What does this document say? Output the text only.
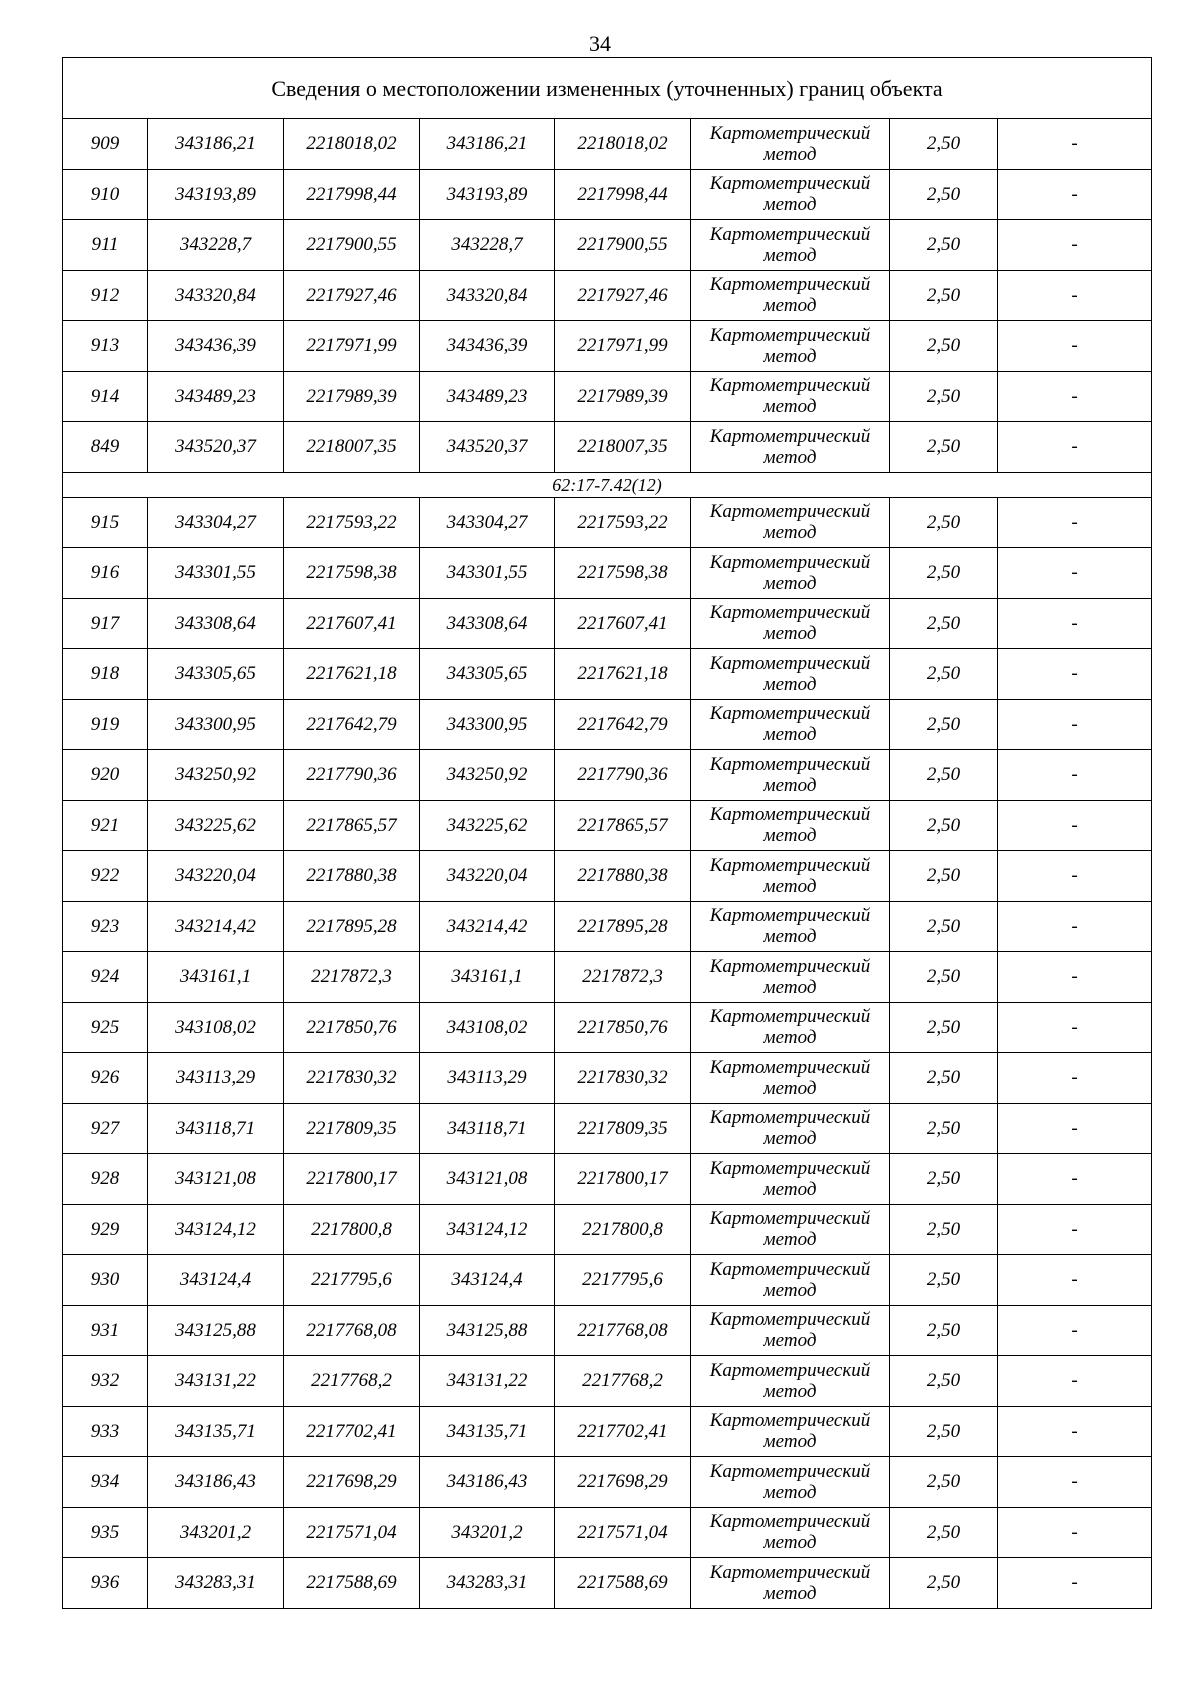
34
Сведения о местоположении измененных (уточненных) границ объекта							
909	343186,21	2218018,02	343186,21	2218018,02	Картометрический
метод	2,50	-
910	343193,89	2217998,44	343193,89	2217998,44	Картометрический
метод	2,50	-
911	343228,7	2217900,55	343228,7	2217900,55	Картометрический
метод	2,50	-
912	343320,84	2217927,46	343320,84	2217927,46	Картометрический
метод	2,50	-
913	343436,39	2217971,99	343436,39	2217971,99	Картометрический
метод	2,50	-
914	343489,23	2217989,39	343489,23	2217989,39	Картометрический
метод	2,50	-
849	343520,37	2218007,35	343520,37	2218007,35	Картометрический
метод	2,50	-
62:17-7.42(12)							
915	343304,27	2217593,22	343304,27	2217593,22	Картометрический
метод	2,50	-
916	343301,55	2217598,38	343301,55	2217598,38	Картометрический
метод	2,50	-
917	343308,64	2217607,41	343308,64	2217607,41	Картометрический
метод	2,50	-
918	343305,65	2217621,18	343305,65	2217621,18	Картометрический
метод	2,50	-
919	343300,95	2217642,79	343300,95	2217642,79	Картометрический
метод	2,50	-
920	343250,92	2217790,36	343250,92	2217790,36	Картометрический
метод	2,50	-
921	343225,62	2217865,57	343225,62	2217865,57	Картометрический
метод	2,50	-
922	343220,04	2217880,38	343220,04	2217880,38	Картометрический
метод	2,50	-
923	343214,42	2217895,28	343214,42	2217895,28	Картометрический
метод	2,50	-
924	343161,1	2217872,3	343161,1	2217872,3	Картометрический
метод	2,50	-
925	343108,02	2217850,76	343108,02	2217850,76	Картометрический
метод	2,50	-
926	343113,29	2217830,32	343113,29	2217830,32	Картометрический
метод	2,50	-
927	343118,71	2217809,35	343118,71	2217809,35	Картометрический
метод	2,50	-
928	343121,08	2217800,17	343121,08	2217800,17	Картометрический
метод	2,50	-
929	343124,12	2217800,8	343124,12	2217800,8	Картометрический
метод	2,50	-
930	343124,4	2217795,6	343124,4	2217795,6	Картометрический
метод	2,50	-
931	343125,88	2217768,08	343125,88	2217768,08	Картометрический
метод	2,50	-
932	343131,22	2217768,2	343131,22	2217768,2	Картометрический
метод	2,50	-
933	343135,71	2217702,41	343135,71	2217702,41	Картометрический
метод	2,50	-
934	343186,43	2217698,29	343186,43	2217698,29	Картометрический
метод	2,50	-
935	343201,2	2217571,04	343201,2	2217571,04	Картометрический
метод	2,50	-
936	343283,31	2217588,69	343283,31	2217588,69	Картометрический
метод	2,50	-
